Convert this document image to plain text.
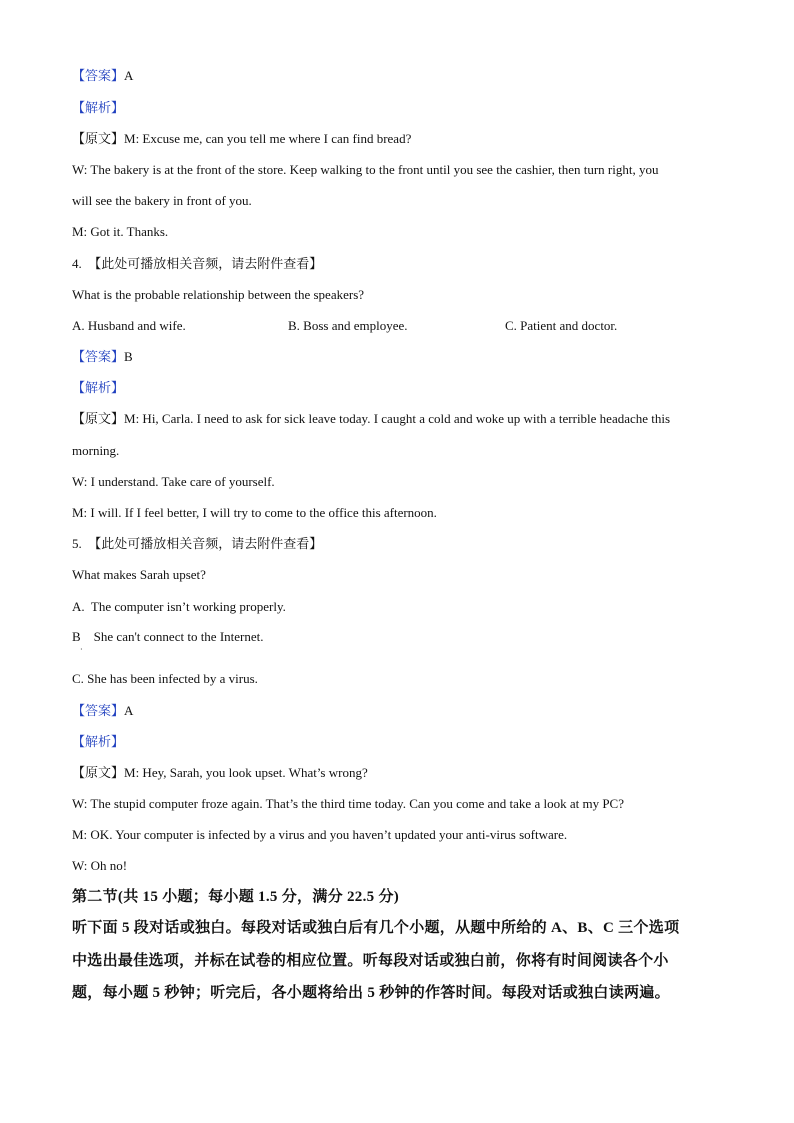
【答案】A
【解析】
【原文】M: Excuse me, can you tell me where I can find bread?
W: The bakery is at the front of the store. Keep walking to the front until you see the cashier, then turn right, you
will see the bakery in front of you.
M: Got it. Thanks.
4. 【此处可播放相关音频，请去附件查看】
What is the probable relationship between the speakers?
A. Husband and wife.	B. Boss and employee.	C. Patient and doctor.
【答案】B
【解析】
【原文】M: Hi, Carla. I need to ask for sick leave today. I caught a cold and woke up with a terrible headache this
morning.
W: I understand. Take care of yourself.
M: I will. If I feel better, I will try to come to the office this afternoon.
5. 【此处可播放相关音频，请去附件查看】
What makes Sarah upset?
A.  The computer isn’t working properly.
B    She can't connect to the Internet.
·
C. She has been infected by a virus.
【答案】A
【解析】
【原文】M: Hey, Sarah, you look upset. What’s wrong?
W: The stupid computer froze again. That’s the third time today. Can you come and take a look at my PC?
M: OK. Your computer is infected by a virus and you haven’t updated your anti-virus software.
W: Oh no!
第二节(共 15 小题；每小题 1.5 分，满分 22.5 分)
听下面 5 段对话或独白。每段对话或独白后有几个小题，从题中所给的 A、B、C 三个选项
中选出最佳选项，并标在试卷的相应位置。听每段对话或独白前，你将有时间阅读各个小
题，每小题 5 秒钟；听完后，各小题将给出 5 秒钟的作答时间。每段对话或独白读两遍。
